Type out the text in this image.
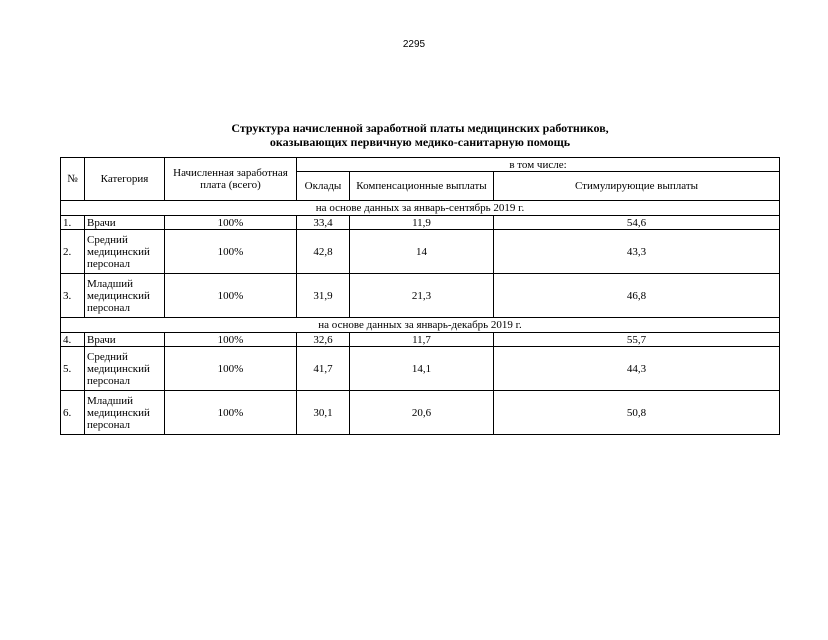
2295
Структура начисленной заработной платы медицинских работников,
оказывающих первичную медико-санитарную помощь
№	Категория	Начисленная заработная плата (всего)	в том числе:		
			Оклады	Компенсационные выплаты	Стимулирующие выплаты
на основе данных за январь-сентябрь 2019 г.					
1.	Врачи	100%	33,4	11,9	54,6
2.	Средний медицинский персонал	100%	42,8	14	43,3
3.	Младший медицинский персонал	100%	31,9	21,3	46,8
на основе данных за январь-декабрь 2019 г.					
4.	Врачи	100%	32,6	11,7	55,7
5.	Средний медицинский персонал	100%	41,7	14,1	44,3
6.	Младший медицинский персонал	100%	30,1	20,6	50,8
